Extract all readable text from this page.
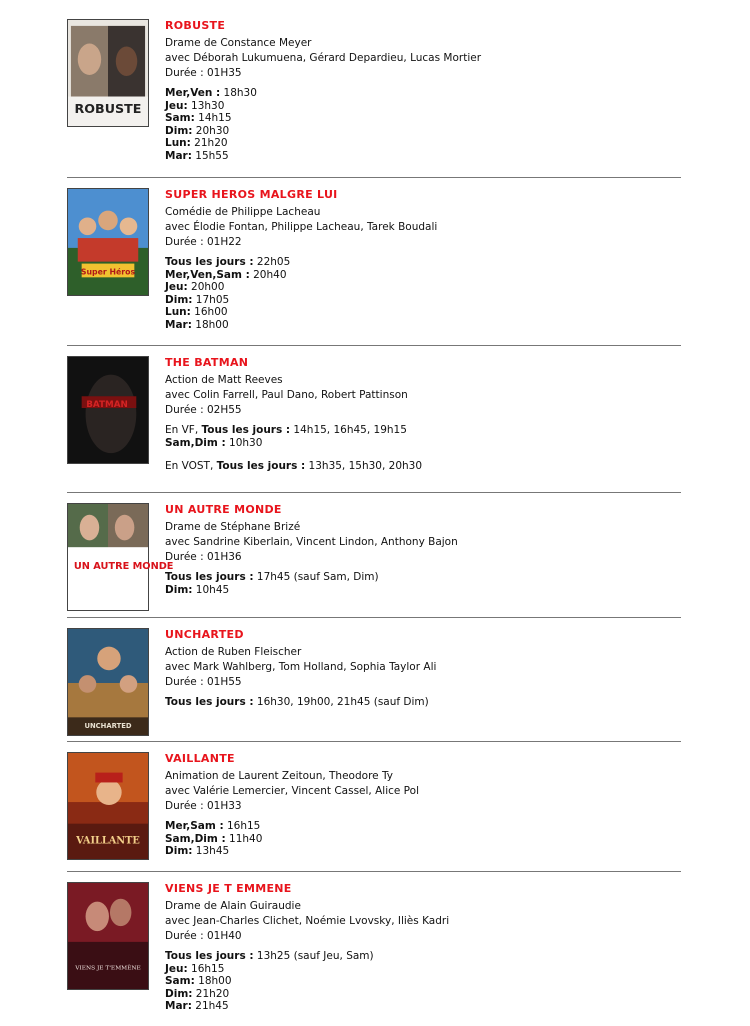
ROBUSTE
ROBUSTE
Drame de Constance Meyer
avec Déborah Lukumuena, Gérard Depardieu, Lucas Mortier
Durée : 01H35
Mer,Ven : 18h30
Jeu: 13h30
Sam: 14h15
Dim: 20h30
Lun: 21h20
Mar: 15h55
Super Héros
SUPER HEROS MALGRE LUI
Comédie de Philippe Lacheau
avec Élodie Fontan, Philippe Lacheau, Tarek Boudali
Durée : 01H22
Tous les jours : 22h05
Mer,Ven,Sam : 20h40
Jeu: 20h00
Dim: 17h05
Lun: 16h00
Mar: 18h00
BATMAN
THE BATMAN
Action de Matt Reeves
avec Colin Farrell, Paul Dano, Robert Pattinson
Durée : 02H55
En VF, Tous les jours : 14h15, 16h45, 19h15
Sam,Dim : 10h30
En VOST, Tous les jours : 13h35, 15h30, 20h30
UN AUTRE MONDE
UN AUTRE MONDE
Drame de Stéphane Brizé
avec Sandrine Kiberlain, Vincent Lindon, Anthony Bajon
Durée : 01H36
Tous les jours : 17h45 (sauf Sam, Dim)
Dim: 10h45
UNCHARTED
UNCHARTED
Action de Ruben Fleischer
avec Mark Wahlberg, Tom Holland, Sophia Taylor Ali
Durée : 01H55
Tous les jours : 16h30, 19h00, 21h45 (sauf Dim)
VAILLANTE
VAILLANTE
Animation de Laurent Zeitoun, Theodore Ty
avec Valérie Lemercier, Vincent Cassel, Alice Pol
Durée : 01H33
Mer,Sam : 16h15
Sam,Dim : 11h40
Dim: 13h45
VIENS JE T'EMMÈNE
VIENS JE T EMMENE
Drame de Alain Guiraudie
avec Jean-Charles Clichet, Noémie Lvovsky, Iliès Kadri
Durée : 01H40
Tous les jours : 13h25 (sauf Jeu, Sam)
Jeu: 16h15
Sam: 18h00
Dim: 21h20
Mar: 21h45
